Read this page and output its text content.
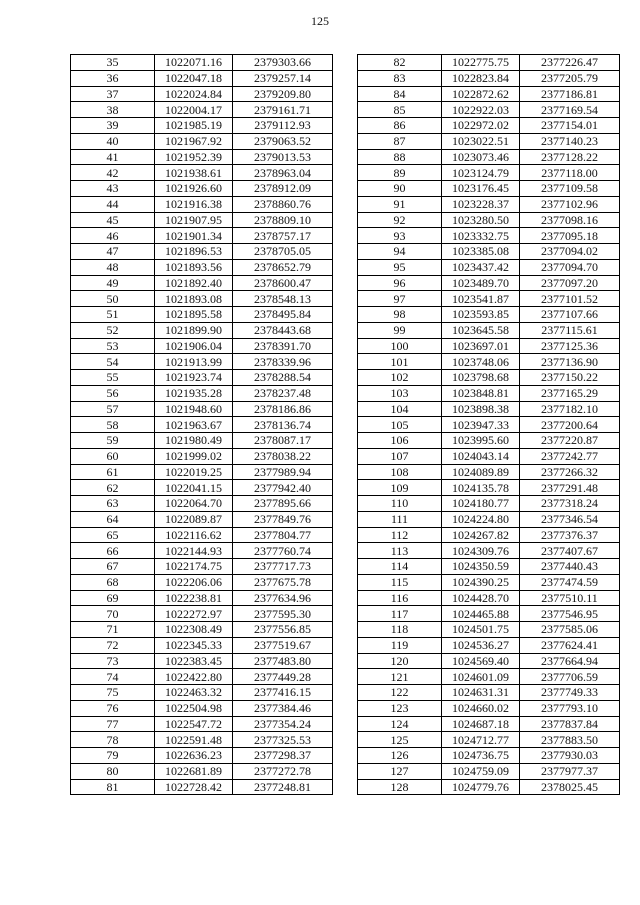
125
35	1022071.16	2379303.66
36	1022047.18	2379257.14
37	1022024.84	2379209.80
38	1022004.17	2379161.71
39	1021985.19	2379112.93
40	1021967.92	2379063.52
41	1021952.39	2379013.53
42	1021938.61	2378963.04
43	1021926.60	2378912.09
44	1021916.38	2378860.76
45	1021907.95	2378809.10
46	1021901.34	2378757.17
47	1021896.53	2378705.05
48	1021893.56	2378652.79
49	1021892.40	2378600.47
50	1021893.08	2378548.13
51	1021895.58	2378495.84
52	1021899.90	2378443.68
53	1021906.04	2378391.70
54	1021913.99	2378339.96
55	1021923.74	2378288.54
56	1021935.28	2378237.48
57	1021948.60	2378186.86
58	1021963.67	2378136.74
59	1021980.49	2378087.17
60	1021999.02	2378038.22
61	1022019.25	2377989.94
62	1022041.15	2377942.40
63	1022064.70	2377895.66
64	1022089.87	2377849.76
65	1022116.62	2377804.77
66	1022144.93	2377760.74
67	1022174.75	2377717.73
68	1022206.06	2377675.78
69	1022238.81	2377634.96
70	1022272.97	2377595.30
71	1022308.49	2377556.85
72	1022345.33	2377519.67
73	1022383.45	2377483.80
74	1022422.80	2377449.28
75	1022463.32	2377416.15
76	1022504.98	2377384.46
77	1022547.72	2377354.24
78	1022591.48	2377325.53
79	1022636.23	2377298.37
80	1022681.89	2377272.78
81	1022728.42	2377248.81
82	1022775.75	2377226.47
83	1022823.84	2377205.79
84	1022872.62	2377186.81
85	1022922.03	2377169.54
86	1022972.02	2377154.01
87	1023022.51	2377140.23
88	1023073.46	2377128.22
89	1023124.79	2377118.00
90	1023176.45	2377109.58
91	1023228.37	2377102.96
92	1023280.50	2377098.16
93	1023332.75	2377095.18
94	1023385.08	2377094.02
95	1023437.42	2377094.70
96	1023489.70	2377097.20
97	1023541.87	2377101.52
98	1023593.85	2377107.66
99	1023645.58	2377115.61
100	1023697.01	2377125.36
101	1023748.06	2377136.90
102	1023798.68	2377150.22
103	1023848.81	2377165.29
104	1023898.38	2377182.10
105	1023947.33	2377200.64
106	1023995.60	2377220.87
107	1024043.14	2377242.77
108	1024089.89	2377266.32
109	1024135.78	2377291.48
110	1024180.77	2377318.24
111	1024224.80	2377346.54
112	1024267.82	2377376.37
113	1024309.76	2377407.67
114	1024350.59	2377440.43
115	1024390.25	2377474.59
116	1024428.70	2377510.11
117	1024465.88	2377546.95
118	1024501.75	2377585.06
119	1024536.27	2377624.41
120	1024569.40	2377664.94
121	1024601.09	2377706.59
122	1024631.31	2377749.33
123	1024660.02	2377793.10
124	1024687.18	2377837.84
125	1024712.77	2377883.50
126	1024736.75	2377930.03
127	1024759.09	2377977.37
128	1024779.76	2378025.45
